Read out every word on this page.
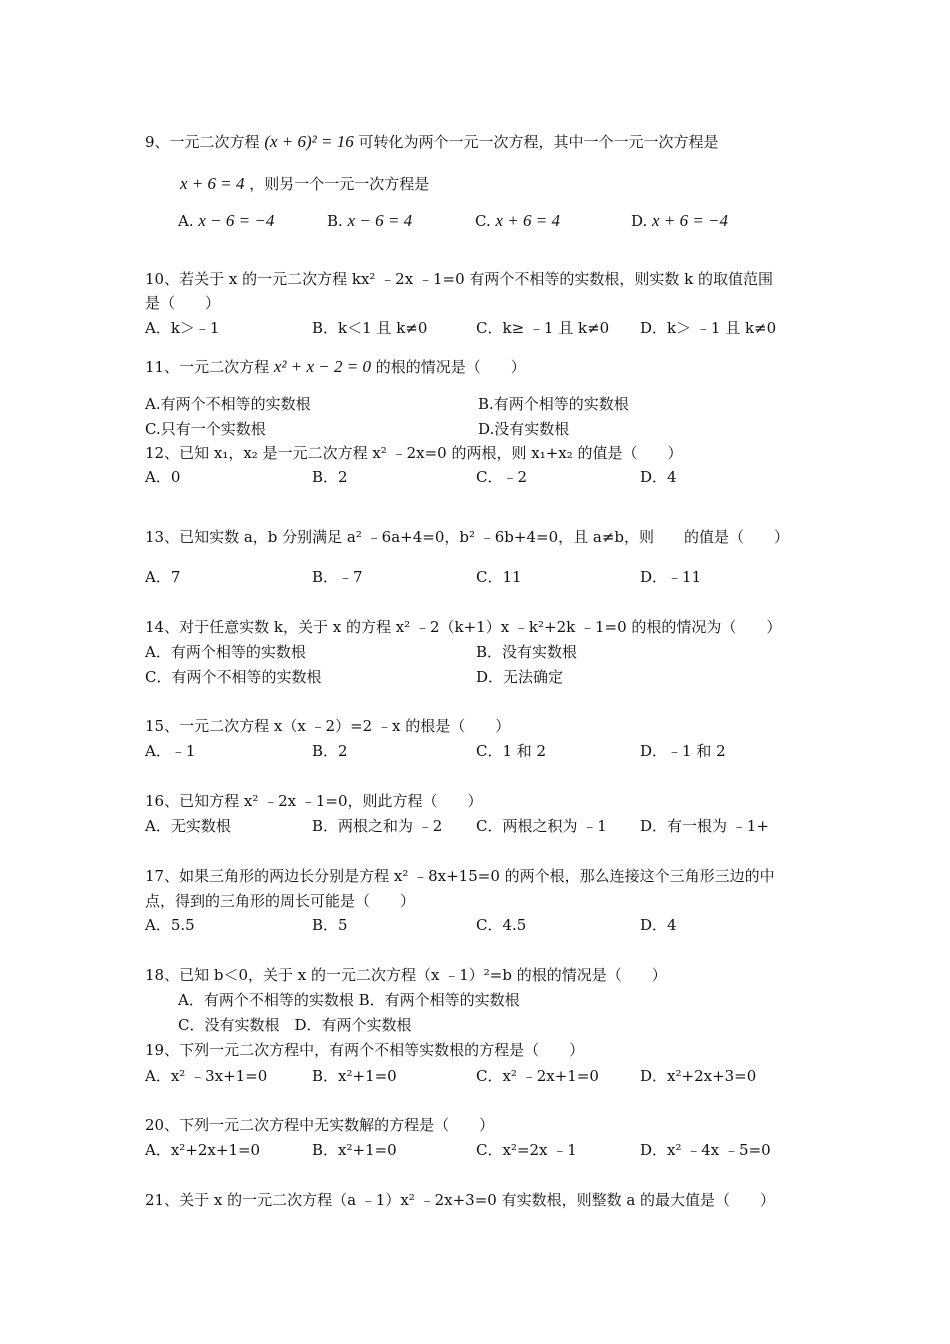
9、一元二次方程 (x + 6)² = 16 可转化为两个一元一次方程，其中一个一元一次方程是
x + 6 = 4 ，则另一个一元一次方程是
A. x − 6 = −4	B. x − 6 = 4	C. x + 6 = 4	D. x + 6 = −4
10、若关于 x 的一元二次方程 kx² ﹣2x ﹣1=0 有两个不相等的实数根，则实数 k 的取值范围
是（　　）
A．k＞﹣1	B．k＜1 且 k≠0	C．k≥ ﹣1 且 k≠0 D．k＞ ﹣1 且 k≠0
11、一元二次方程 x² + x − 2 = 0 的根的情况是（　　）
A.有两个不相等的实数根	B.有两个相等的实数根
C.只有一个实数根	D.没有实数根
12、已知 x₁，x₂ 是一元二次方程 x² ﹣2x=0 的两根，则 x₁+x₂ 的值是（　　）
A．0	B．2	C．﹣2	D．4
13、已知实数 a，b 分别满足 a² ﹣6a+4=0，b² ﹣6b+4=0，且 a≠b，则　　的值是（　　）
A．7	B．﹣7	C．11	D．﹣11
14、对于任意实数 k，关于 x 的方程 x² ﹣2（k+1）x ﹣k²+2k ﹣1=0 的根的情况为（　　）
A．有两个相等的实数根	B．没有实数根
C．有两个不相等的实数根	D．无法确定
15、一元二次方程 x（x ﹣2）=2 ﹣x 的根是（　　）
A．﹣1	B．2	C．1 和 2	D．﹣1 和 2
16、已知方程 x² ﹣2x ﹣1=0，则此方程（　　）
A．无实数根	B．两根之和为 ﹣2 C．两根之积为 ﹣1 D．有一根为 ﹣1+
17、如果三角形的两边长分别是方程 x² ﹣8x+15=0 的两个根，那么连接这个三角形三边的中
点，得到的三角形的周长可能是（　　）
A．5.5	B．5	C．4.5	D．4
18、已知 b＜0，关于 x 的一元二次方程（x ﹣1）²=b 的根的情况是（　　）
A．有两个不相等的实数根 B．有两个相等的实数根
C．没有实数根　D．有两个实数根
19、下列一元二次方程中，有两个不相等实数根的方程是（　　）
A．x² ﹣3x+1=0	B．x²+1=0	C．x² ﹣2x+1=0	D．x²+2x+3=0
20、下列一元二次方程中无实数解的方程是（　　）
A．x²+2x+1=0	B．x²+1=0	C．x²=2x ﹣1	D．x² ﹣4x ﹣5=0
21、关于 x 的一元二次方程（a ﹣1）x² ﹣2x+3=0 有实数根，则整数 a 的最大值是（　　）
